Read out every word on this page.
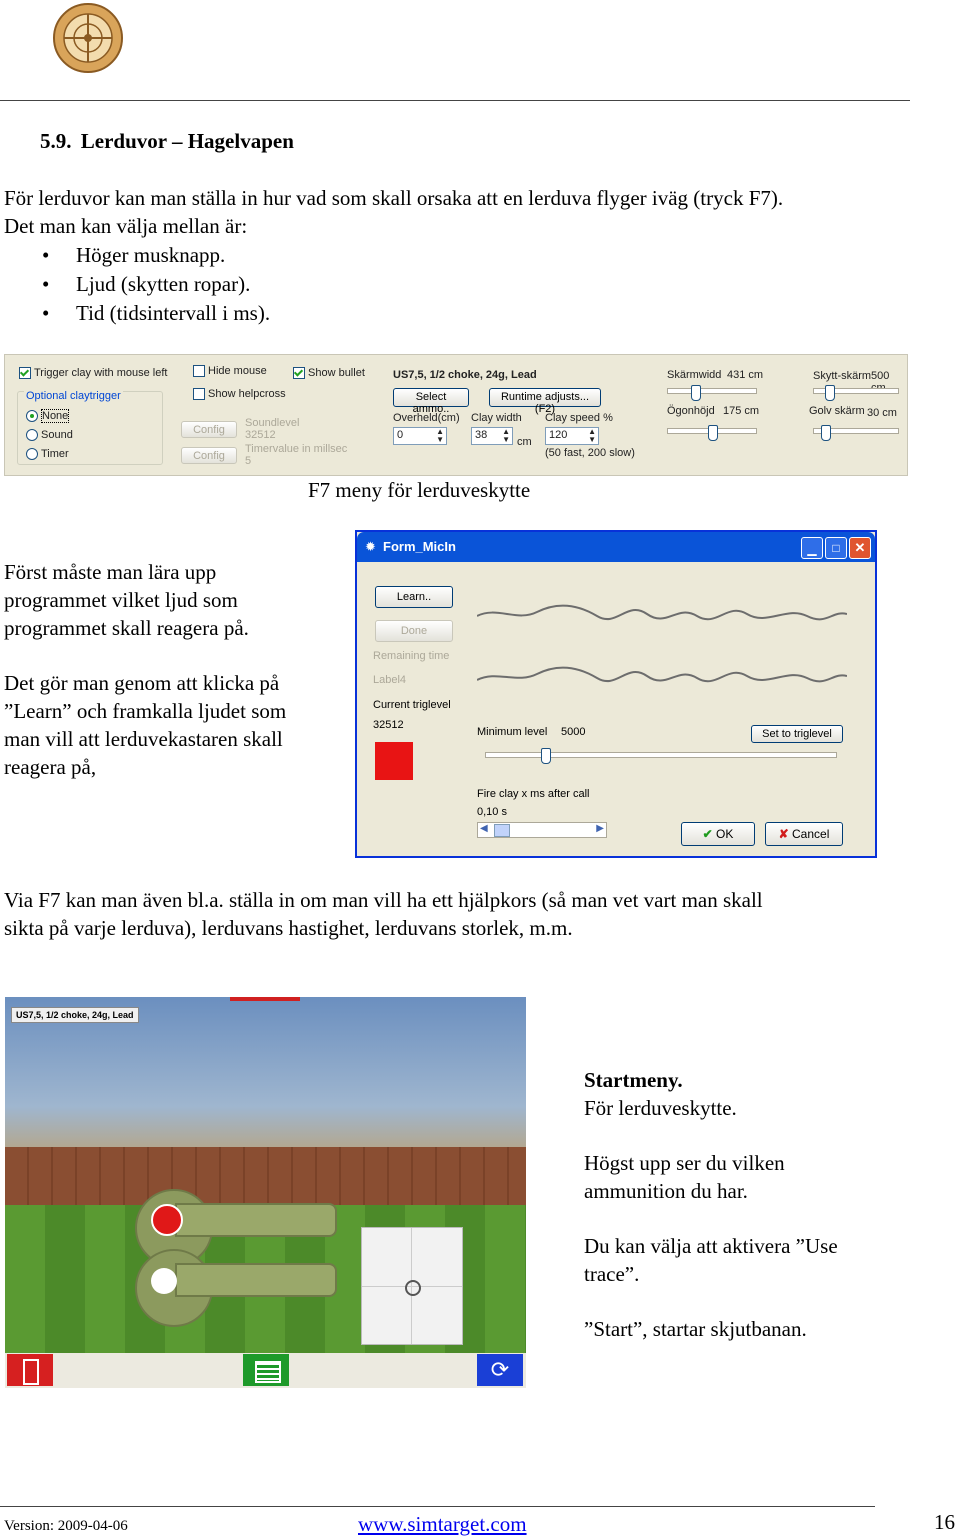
5.9. Lerduvor – Hagelvapen
För lerduvor kan man ställa in hur vad som skall orsaka att en lerduva flyger iväg (tryck F7).
Det man kan välja mellan är:
• Höger musknapp.
• Ljud (skytten ropar).
• Tid (tidsintervall i ms).
Trigger clay with mouse left
Optional claytrigger
None
Sound
Timer
Hide mouse
Show helpcross
Show bullet
Config
Config
Soundlevel
32512
Timervalue in millsec
5
US7,5, 1/2 choke, 24g, Lead
Select ammo..
Runtime adjusts...(F2)
Overheld(cm)
0	▲
▼
Clay width
38 ▲
▼ cm
Clay speed %
120	▲
▼
(50 fast, 200 slow)
Skärmwidd 431 cm
Ögonhöjd 175 cm
Skytt-skärm 500
Golv skärm 30 cm
F7 meny för lerduveskytte
Först måste man lära upp
programmet vilket ljud som
programmet skall reagera på.
Det gör man genom att klicka på
”Learn” och framkalla ljudet som
man vill att lerduvekastaren skall
reagera på,
✹ Form_MicIn	▁	□	✕
Learn..
Done
Remaining time
Label4
Current triglevel
32512
Minimum level 5000	Set to triglevel
Fire clay x ms after call
0,10 s
◀	▶	✔ OK	✘ Cancel
Via F7 kan man även bl.a. ställa in om man vill ha ett hjälpkors (så man vet vart man skall
sikta på varje lerduva), lerduvans hastighet, lerduvans storlek, m.m.
US7,5, 1/2 choke, 24g, Lead
⟳
Startmeny.
För lerduveskytte.
Högst upp ser du vilken
ammunition du har.
Du kan välja att aktivera ”Use
trace”.
”Start”, startar skjutbanan.
Version: 2009-04-06	www.simtarget.com	16
